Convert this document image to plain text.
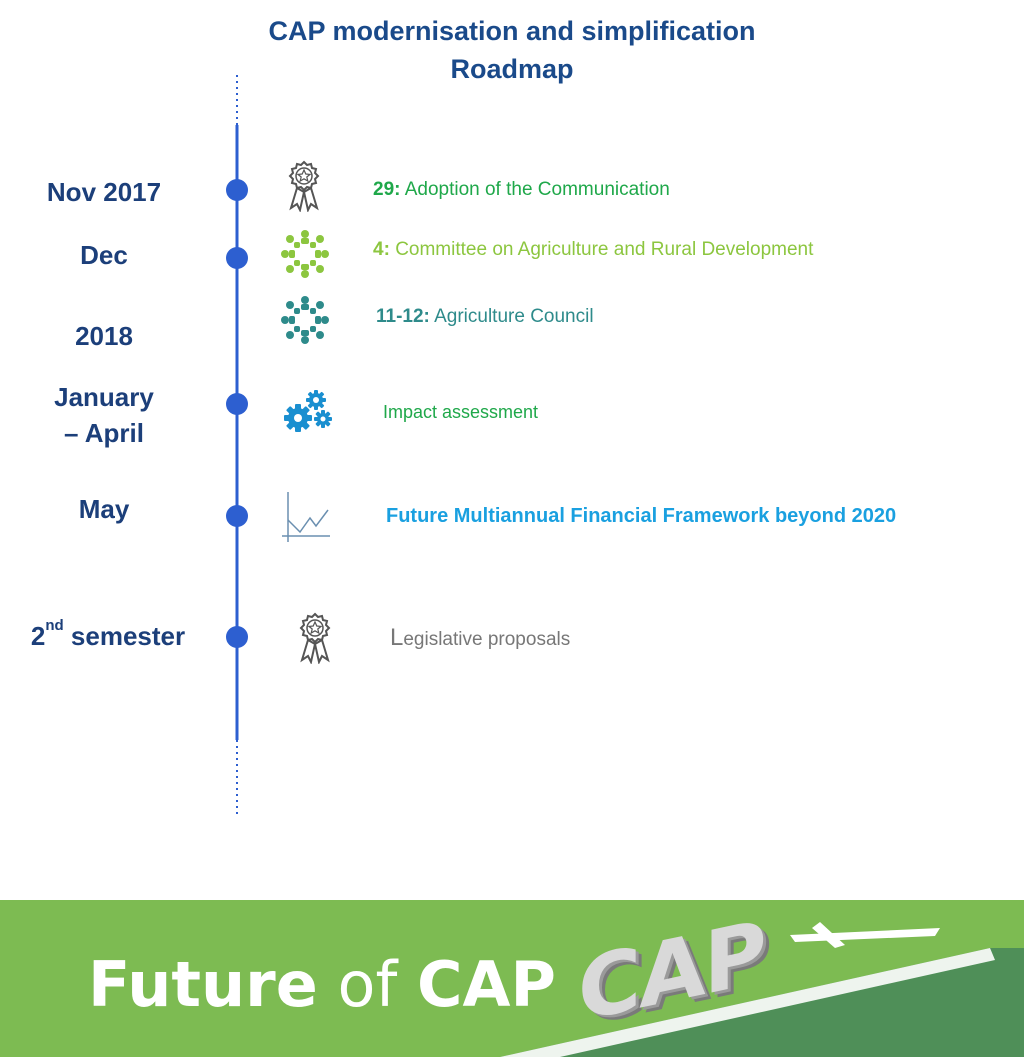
CAP modernisation and simplification
Roadmap
Nov 2017
Dec
2018
January
– April
May
2nd semester
29: Adoption of the Communication
4: Committee on Agriculture and Rural Development
11-12: Agriculture Council
Impact assessment
Future Multiannual Financial Framework beyond 2020
Legislative proposals
Future of CAP CAP
